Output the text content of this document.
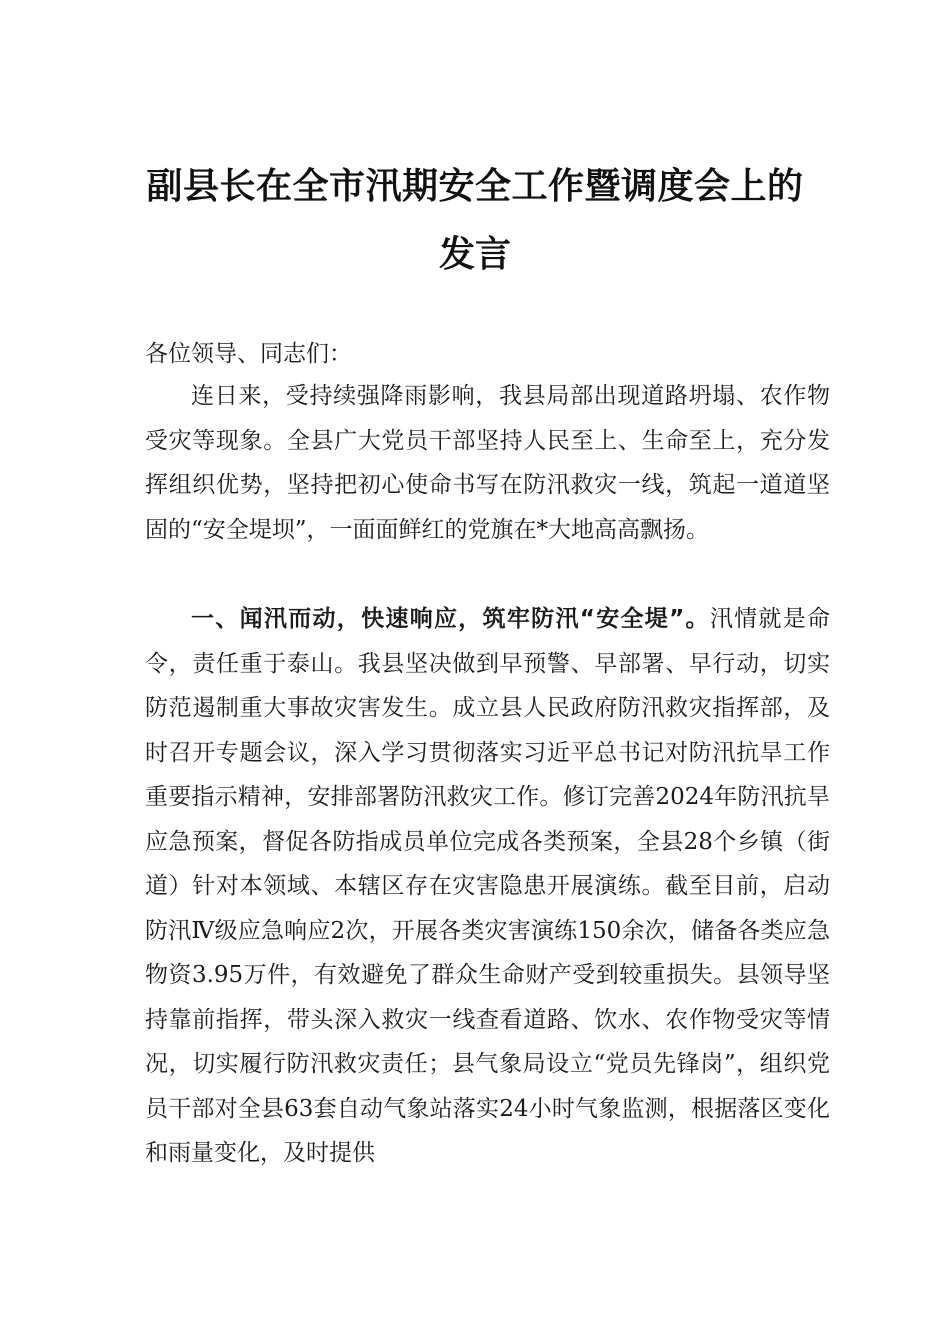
副县长在全市汛期安全工作暨调度会上的
发言
各位领导、同志们：

连日来，受持续强降雨影响，我县局部出现道路坍塌、农作物受灾等现象。全县广大党员干部坚持人民至上、生命至上，充分发挥组织优势，坚持把初心使命书写在防汛救灾一线，筑起一道道坚固的“安全堤坝”，一面面鲜红的党旗在*大地高高飘扬。

一、闻汛而动，快速响应，筑牢防汛“安全堤”。汛情就是命令，责任重于泰山。我县坚决做到早预警、早部署、早行动，切实防范遏制重大事故灾害发生。成立县人民政府防汛救灾指挥部，及时召开专题会议，深入学习贯彻落实习近平总书记对防汛抗旱工作重要指示精神，安排部署防汛救灾工作。修订完善2024年防汛抗旱应急预案，督促各防指成员单位完成各类预案，全县28个乡镇（街道）针对本领域、本辖区存在灾害隐患开展演练。截至目前，启动防汛Ⅳ级应急响应2次，开展各类灾害演练150余次，储备各类应急物资3.95万件，有效避免了群众生命财产受到较重损失。县领导坚持靠前指挥，带头深入救灾一线查看道路、饮水、农作物受灾等情况，切实履行防汛救灾责任；县气象局设立“党员先锋岗”，组织党员干部对全县63套自动气象站落实24小时气象监测，根据落区变化和雨量变化，及时提供
